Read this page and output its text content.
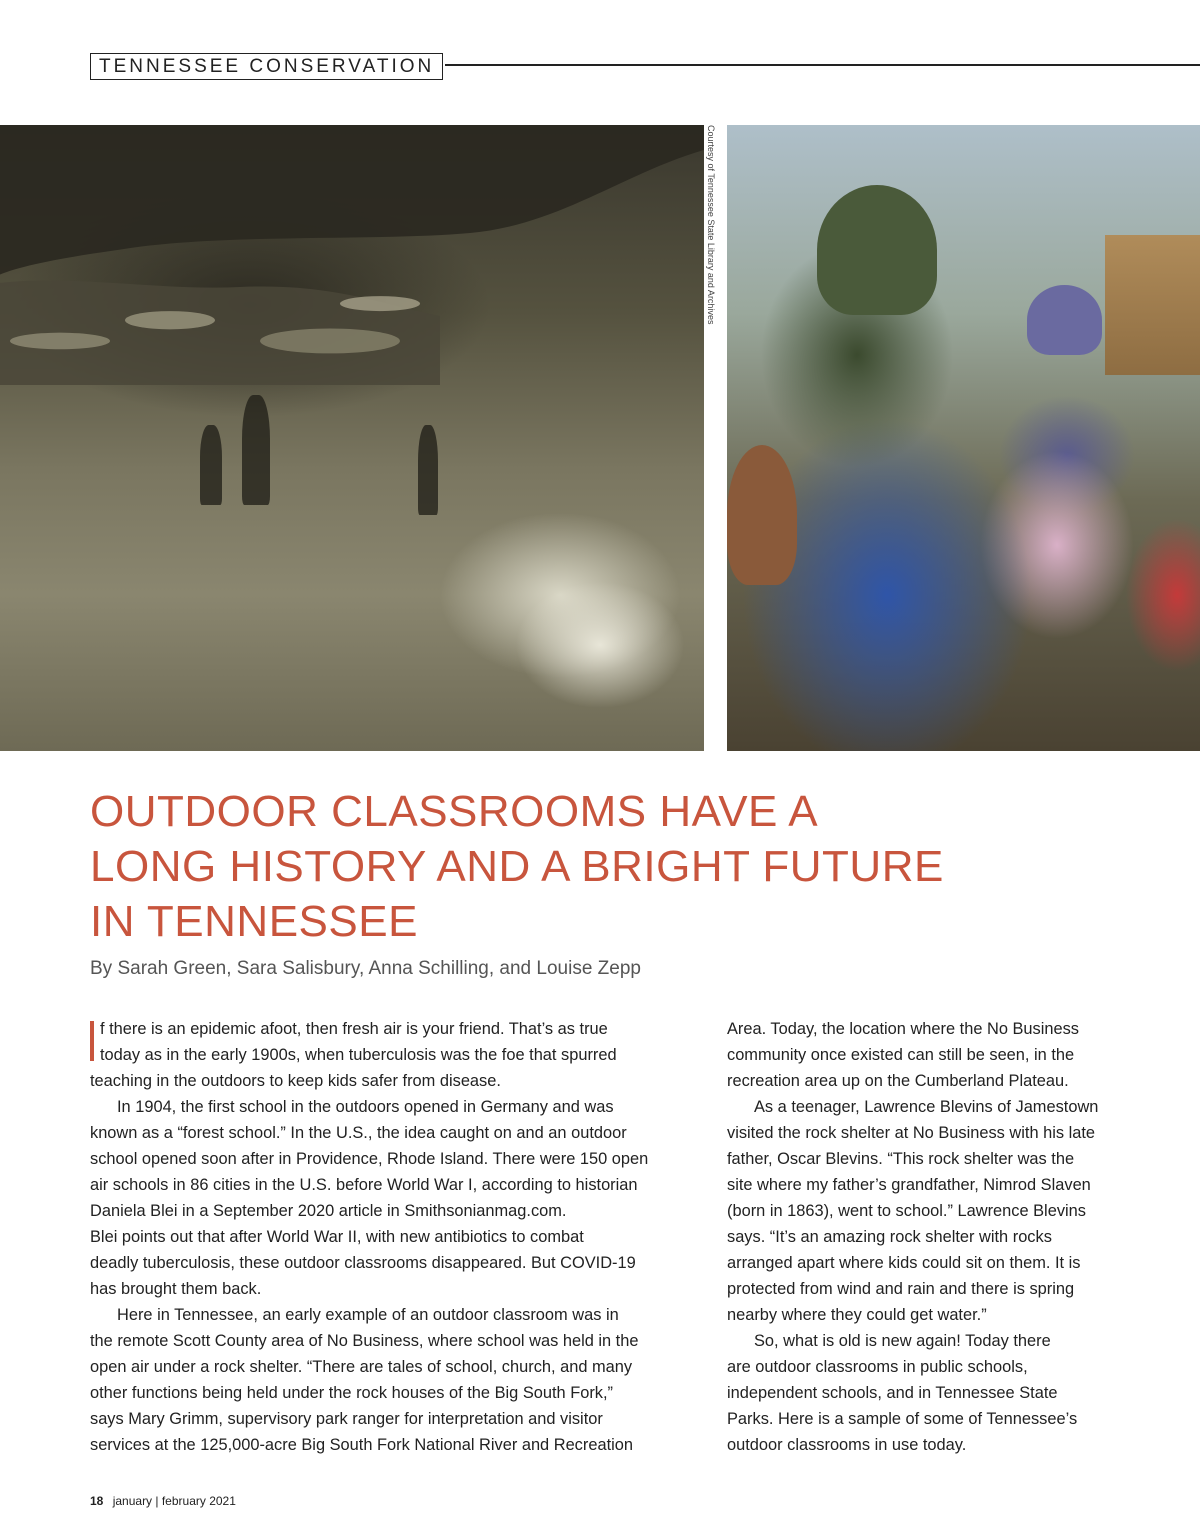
TENNESSEE CONSERVATION
Courtesy of Tennessee State Library and Archives
OUTDOOR CLASSROOMS HAVE A
LONG HISTORY AND A BRIGHT FUTURE
IN TENNESSEE
By Sarah Green, Sara Salisbury, Anna Schilling, and Louise Zepp
f there is an epidemic afoot, then fresh air is your friend. That’s as true
today as in the early 1900s, when tuberculosis was the foe that spurred
teaching in the outdoors to keep kids safer from disease.
In 1904, the first school in the outdoors opened in Germany and was
known as a “forest school.” In the U.S., the idea caught on and an outdoor
school opened soon after in Providence, Rhode Island. There were 150 open
air schools in 86 cities in the U.S. before World War I, according to historian
Daniela Blei in a September 2020 article in Smithsonianmag.com.
Blei points out that after World War II, with new antibiotics to combat
deadly tuberculosis, these outdoor classrooms disappeared. But COVID-19
has brought them back.
Here in Tennessee, an early example of an outdoor classroom was in
the remote Scott County area of No Business, where school was held in the
open air under a rock shelter. “There are tales of school, church, and many
other functions being held under the rock houses of the Big South Fork,”
says Mary Grimm, supervisory park ranger for interpretation and visitor
services at the 125,000-acre Big South Fork National River and Recreation
Area. Today, the location where the No Business
community once existed can still be seen, in the
recreation area up on the Cumberland Plateau.
As a teenager, Lawrence Blevins of Jamestown
visited the rock shelter at No Business with his late
father, Oscar Blevins. “This rock shelter was the
site where my father’s grandfather, Nimrod Slaven
(born in 1863), went to school.” Lawrence Blevins
says. “It’s an amazing rock shelter with rocks
arranged apart where kids could sit on them. It is
protected from wind and rain and there is spring
nearby where they could get water.”
So, what is old is new again! Today there
are outdoor classrooms in public schools,
independent schools, and in Tennessee State
Parks. Here is a sample of some of Tennessee’s
outdoor classrooms in use today.
18 january | february 2021
